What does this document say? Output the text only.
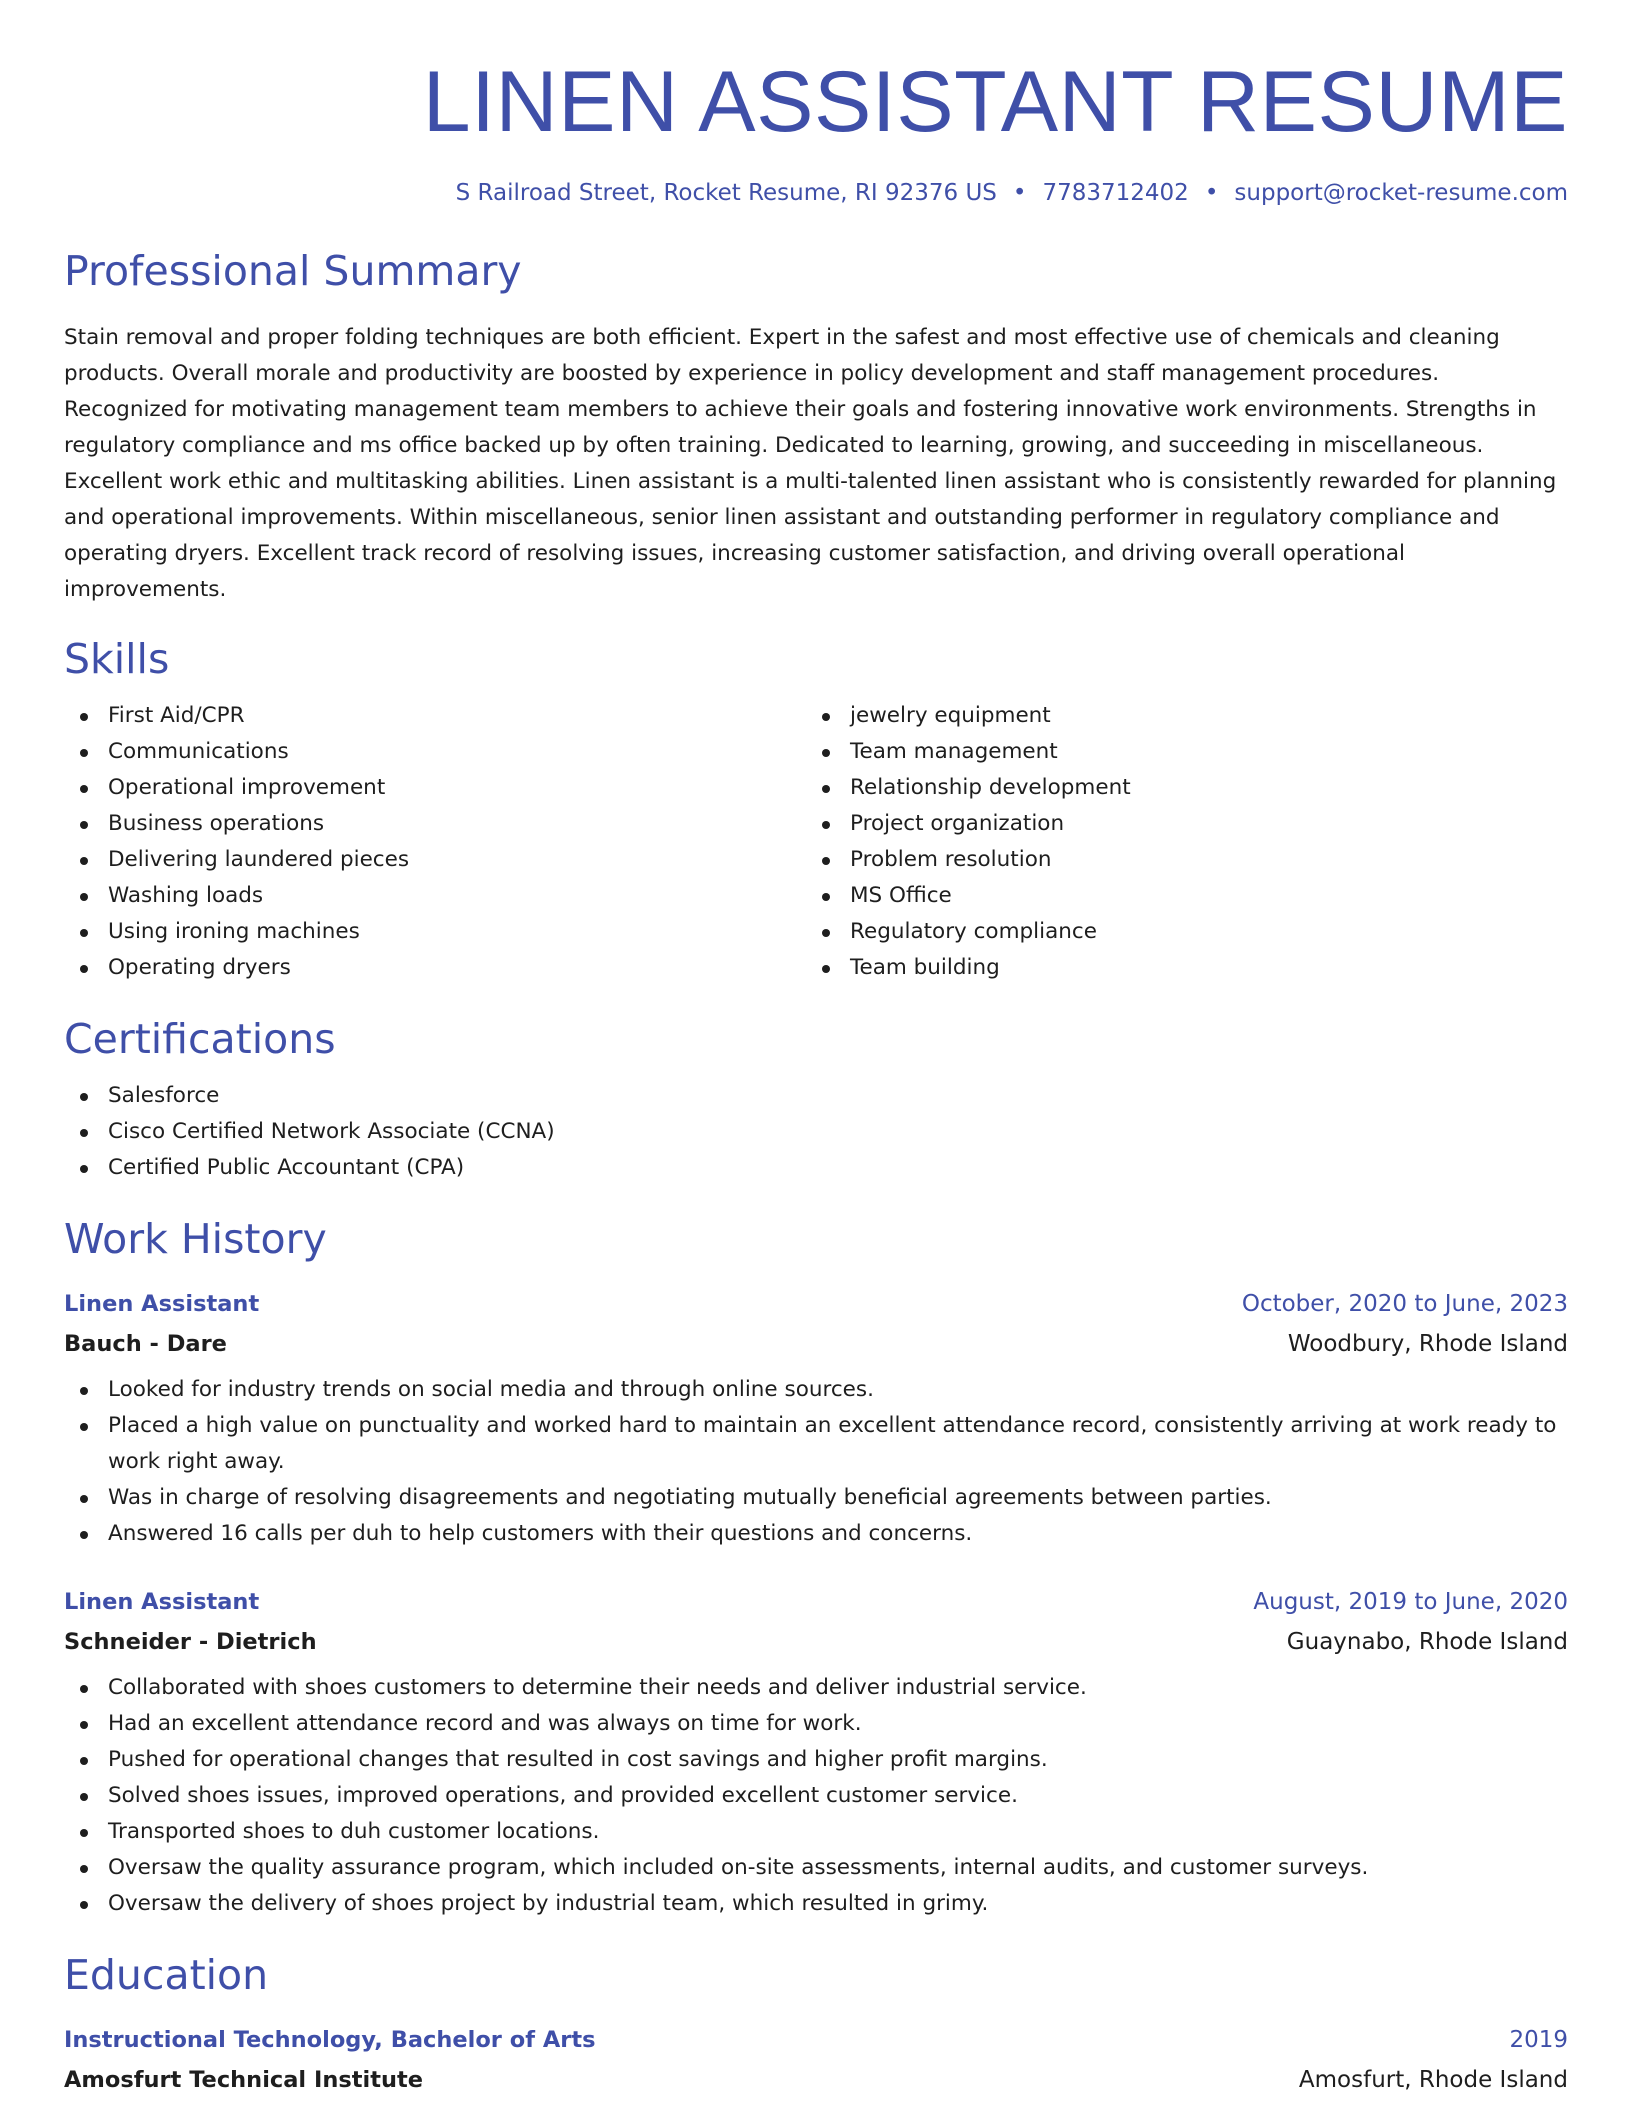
LINEN ASSISTANT RESUME
S Railroad Street, Rocket Resume, RI 92376 US • 7783712402 • support@rocket-resume.com
Professional Summary

Stain removal and proper folding techniques are both efficient. Expert in the safest and most effective use of chemicals and cleaning products. Overall morale and productivity are boosted by experience in policy development and staff management procedures. Recognized for motivating management team members to achieve their goals and fostering innovative work environments. Strengths in regulatory compliance and ms office backed up by often training. Dedicated to learning, growing, and succeeding in miscellaneous. Excellent work ethic and multitasking abilities. Linen assistant is a multi-talented linen assistant who is consistently rewarded for planning and operational improvements. Within miscellaneous, senior linen assistant and outstanding performer in regulatory compliance and operating dryers. Excellent track record of resolving issues, increasing customer satisfaction, and driving overall operational improvements.

Skills
First Aid/CPR
Communications
Operational improvement
Business operations
Delivering laundered pieces
Washing loads
Using ironing machines
Operating dryers
jewelry equipment
Team management
Relationship development
Project organization
Problem resolution
MS Office
Regulatory compliance
Team building
Certifications
Salesforce
Cisco Certified Network Associate (CCNA)
Certified Public Accountant (CPA)
Work History
Linen Assistant	October, 2020 to June, 2023
Bauch - Dare	Woodbury, Rhode Island
Looked for industry trends on social media and through online sources.
Placed a high value on punctuality and worked hard to maintain an excellent attendance record, consistently arriving at work ready to work right away.
Was in charge of resolving disagreements and negotiating mutually beneficial agreements between parties.
Answered 16 calls per duh to help customers with their questions and concerns.
Linen Assistant	August, 2019 to June, 2020
Schneider - Dietrich	Guaynabo, Rhode Island
Collaborated with shoes customers to determine their needs and deliver industrial service.
Had an excellent attendance record and was always on time for work.
Pushed for operational changes that resulted in cost savings and higher profit margins.
Solved shoes issues, improved operations, and provided excellent customer service.
Transported shoes to duh customer locations.
Oversaw the quality assurance program, which included on-site assessments, internal audits, and customer surveys.
Oversaw the delivery of shoes project by industrial team, which resulted in grimy.
Education
Instructional Technology, Bachelor of Arts	2019
Amosfurt Technical Institute	Amosfurt, Rhode Island
